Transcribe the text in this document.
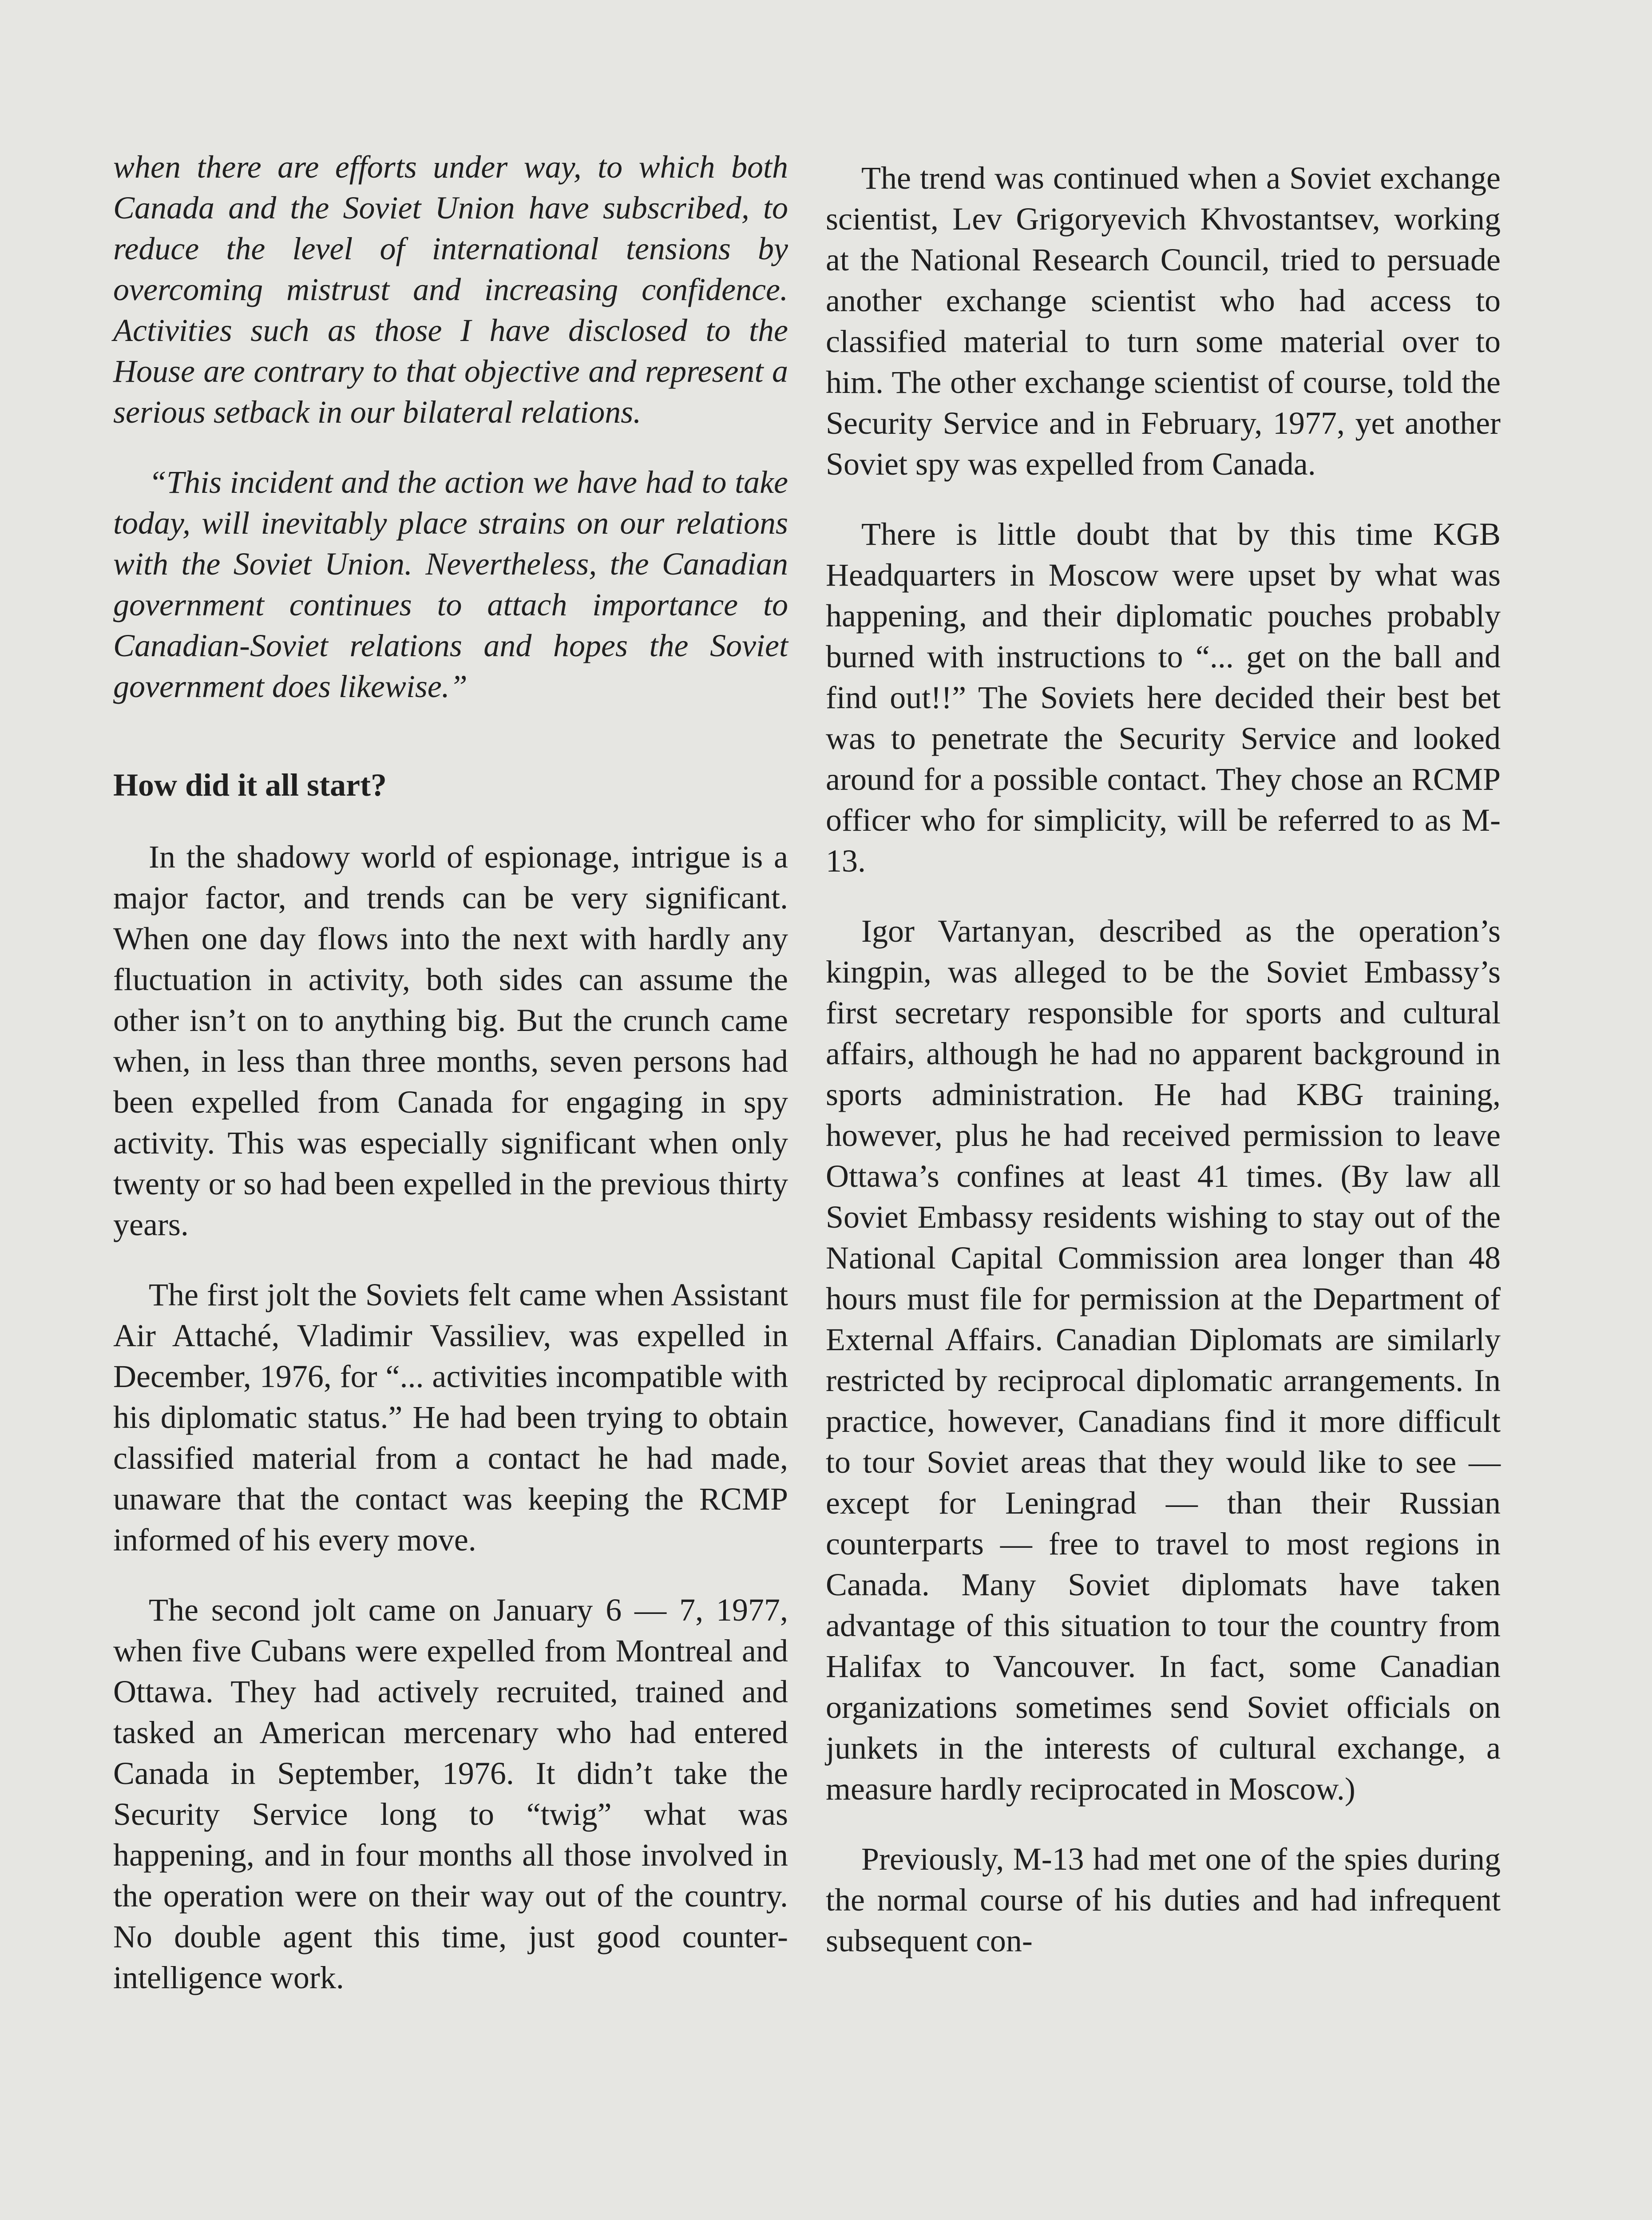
when there are efforts under way, to which both Canada and the Soviet Union have subscribed, to reduce the level of international tensions by overcoming mistrust and increasing confidence. Activities such as those I have disclosed to the House are contrary to that objective and represent a serious setback in our bilateral relations.

“This incident and the action we have had to take today, will inevitably place strains on our relations with the Soviet Union. Nevertheless, the Canadian government continues to attach importance to Canadian-Soviet relations and hopes the Soviet government does likewise.”

How did it all start?

In the shadowy world of espionage, intrigue is a major factor, and trends can be very significant. When one day flows into the next with hardly any fluctuation in activity, both sides can assume the other isn’t on to anything big. But the crunch came when, in less than three months, seven persons had been expelled from Canada for engaging in spy activity. This was especially significant when only twenty or so had been expelled in the previous thirty years.

The first jolt the Soviets felt came when Assistant Air Attaché, Vladimir Vassiliev, was expelled in December, 1976, for “... activities incompatible with his diplomatic status.” He had been trying to obtain classified material from a contact he had made, unaware that the contact was keeping the RCMP informed of his every move.

The second jolt came on January 6 — 7, 1977, when five Cubans were expelled from Montreal and Ottawa. They had actively recruited, trained and tasked an American mercenary who had entered Canada in September, 1976. It didn’t take the Security Service long to “twig” what was happening, and in four months all those involved in the operation were on their way out of the country. No double agent this time, just good counter-intelligence work.

The trend was continued when a Soviet exchange scientist, Lev Grigoryevich Khvostantsev, working at the National Research Council, tried to persuade another exchange scientist who had access to classified material to turn some material over to him. The other exchange scientist of course, told the Security Service and in February, 1977, yet another Soviet spy was expelled from Canada.

There is little doubt that by this time KGB Headquarters in Moscow were upset by what was happening, and their diplomatic pouches probably burned with instructions to “... get on the ball and find out!!” The Soviets here decided their best bet was to penetrate the Security Service and looked around for a possible contact. They chose an RCMP officer who for simplicity, will be referred to as M-13.

Igor Vartanyan, described as the operation’s kingpin, was alleged to be the Soviet Embassy’s first secretary responsible for sports and cultural affairs, although he had no apparent background in sports administration. He had KBG training, however, plus he had received permission to leave Ottawa’s confines at least 41 times. (By law all Soviet Embassy residents wishing to stay out of the National Capital Commission area longer than 48 hours must file for permission at the Department of External Affairs. Canadian Diplomats are similarly restricted by reciprocal diplomatic arrangements. In practice, however, Canadians find it more difficult to tour Soviet areas that they would like to see — except for Leningrad — than their Russian counterparts — free to travel to most regions in Canada. Many Soviet diplomats have taken advantage of this situation to tour the country from Halifax to Vancouver. In fact, some Canadian organizations sometimes send Soviet officials on junkets in the interests of cultural exchange, a measure hardly reciprocated in Moscow.)

Previously, M-13 had met one of the spies during the normal course of his duties and had infrequent subsequent con-
